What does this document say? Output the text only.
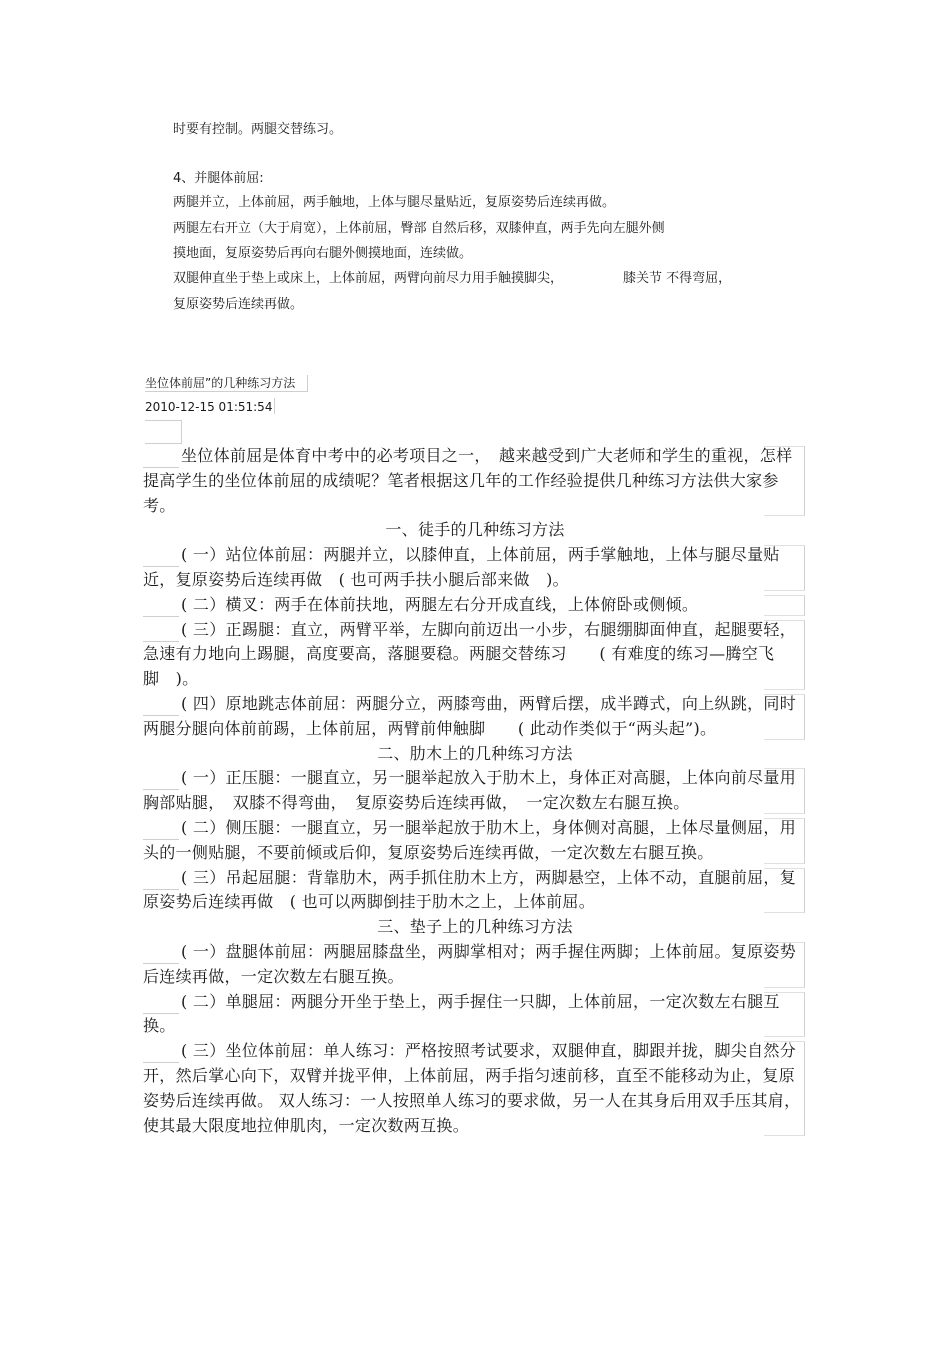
时要有控制。两腿交替练习。
4、并腿体前屈:
两腿并立，上体前屈，两手触地，上体与腿尽量贴近，复原姿势后连续再做。
两腿左右开立（大于肩宽），上体前屈，臀部 自然后移，双膝伸直，两手先向左腿外侧
摸地面，复原姿势后再向右腿外侧摸地面，连续做。
双腿伸直坐于垫上或床上，上体前屈，两臂向前尽力用手触摸脚尖，	膝关节 不得弯屈，
复原姿势后连续再做。
坐位体前屈”的几种练习方法
2010-12-15 01:51:54

坐位体前屈是体育中考中的必考项目之一，　越来越受到广大老师和学生的重视，怎样提高学生的坐位体前屈的成绩呢？笔者根据这几年的工作经验提供几种练习方法供大家参考。

一、徒手的几种练习方法

( 一）站位体前屈：两腿并立，以膝伸直，上体前屈，两手掌触地，上体与腿尽量贴近，复原姿势后连续再做　( 也可两手扶小腿后部来做　)。

( 二）横叉：两手在体前扶地，两腿左右分开成直线，上体俯卧或侧倾。

( 三）正踢腿：直立，两臂平举，左脚向前迈出一小步，右腿绷脚面伸直，起腿要轻，急速有力地向上踢腿，高度要高，落腿要稳。两腿交替练习　　( 有难度的练习—腾空飞脚　)。

( 四）原地跳志体前屈：两腿分立，两膝弯曲，两臂后摆，成半蹲式，向上纵跳，同时两腿分腿向体前前踢，上体前屈，两臂前伸触脚　　( 此动作类似于“两头起”)。

二、肋木上的几种练习方法

( 一）正压腿：一腿直立，另一腿举起放入于肋木上，身体正对高腿，上体向前尽量用胸部贴腿，　双膝不得弯曲，　复原姿势后连续再做，　一定次数左右腿互换。

( 二）侧压腿：一腿直立，另一腿举起放于肋木上，身体侧对高腿，上体尽量侧屈，用头的一侧贴腿，不要前倾或后仰，复原姿势后连续再做，一定次数左右腿互换。

( 三）吊起屈腿：背靠肋木，两手抓住肋木上方，两脚悬空，上体不动，直腿前屈，复原姿势后连续再做　( 也可以两脚倒挂于肋木之上，上体前屈。

三、垫子上的几种练习方法

( 一）盘腿体前屈：两腿屈膝盘坐，两脚掌相对；两手握住两脚；上体前屈。复原姿势后连续再做，一定次数左右腿互换。

( 二）单腿屈：两腿分开坐于垫上，两手握住一只脚，上体前屈，一定次数左右腿互换。

( 三）坐位体前屈：单人练习：严格按照考试要求，双腿伸直，脚跟并拢，脚尖自然分开，然后掌心向下，双臂并拢平伸，上体前屈，两手指匀速前移，直至不能移动为止，复原姿势后连续再做。 双人练习：一人按照单人练习的要求做，另一人在其身后用双手压其肩，使其最大限度地拉伸肌肉，一定次数两互换。
